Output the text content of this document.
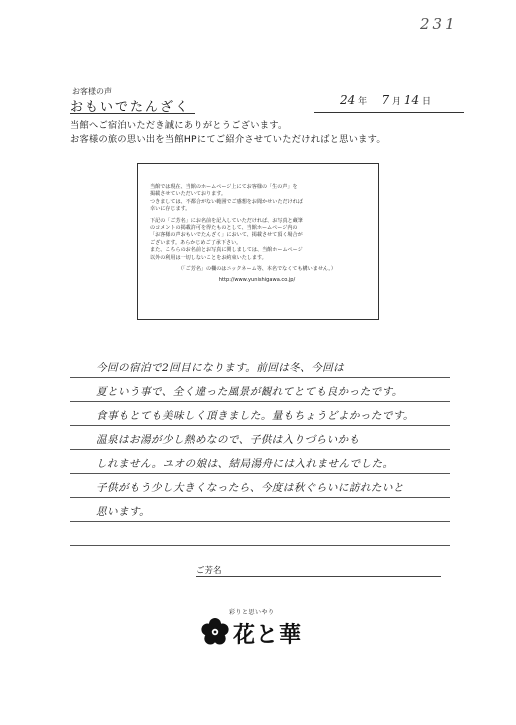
231
お客様の声
おもいでたんざく	24 年 7 月 14 日
当館へご宿泊いただき誠にありがとうございます。
お客様の旅の思い出を当館HPにてご紹介させていただければと思います。
当館では現在、当館のホームページ上にてお客様の「生の声」を
掲載させていただいております。
つきましては、不都合がない範囲でご感想をお聞かせいただければ
幸いに存じます。
下記の「ご芳名」にお名前を記入していただければ、お写真と蔵筆
のコメントの掲載許可を得たものとして、当館ホームページ内の
「お客様の声おもいでたんざく」において、掲載させて頂く場合が
ございます。あらかじめご了承下さい。
また、こちらのお名前とお写真に関しましては、当館ホームページ
以外の利用は一切しないことをお約束いたします。
（「ご芳名」の欄のはニックネーム等、本名でなくても構いません。）
http://www.yunishigawa.co.jp/
今回の宿泊で2回目になります。前回は冬、今回は
夏という事で、全く違った風景が観れてとても良かったです。
食事もとても美味しく頂きました。量もちょうどよかったです。
温泉はお湯が少し熱めなので、子供は入りづらいかも
しれません。ユオの娘は、結局湯舟には入れませんでした。
子供がもう少し大きくなったら、今度は秋ぐらいに訪れたいと
思います。
ご芳名
彩りと思いやり
花と華
